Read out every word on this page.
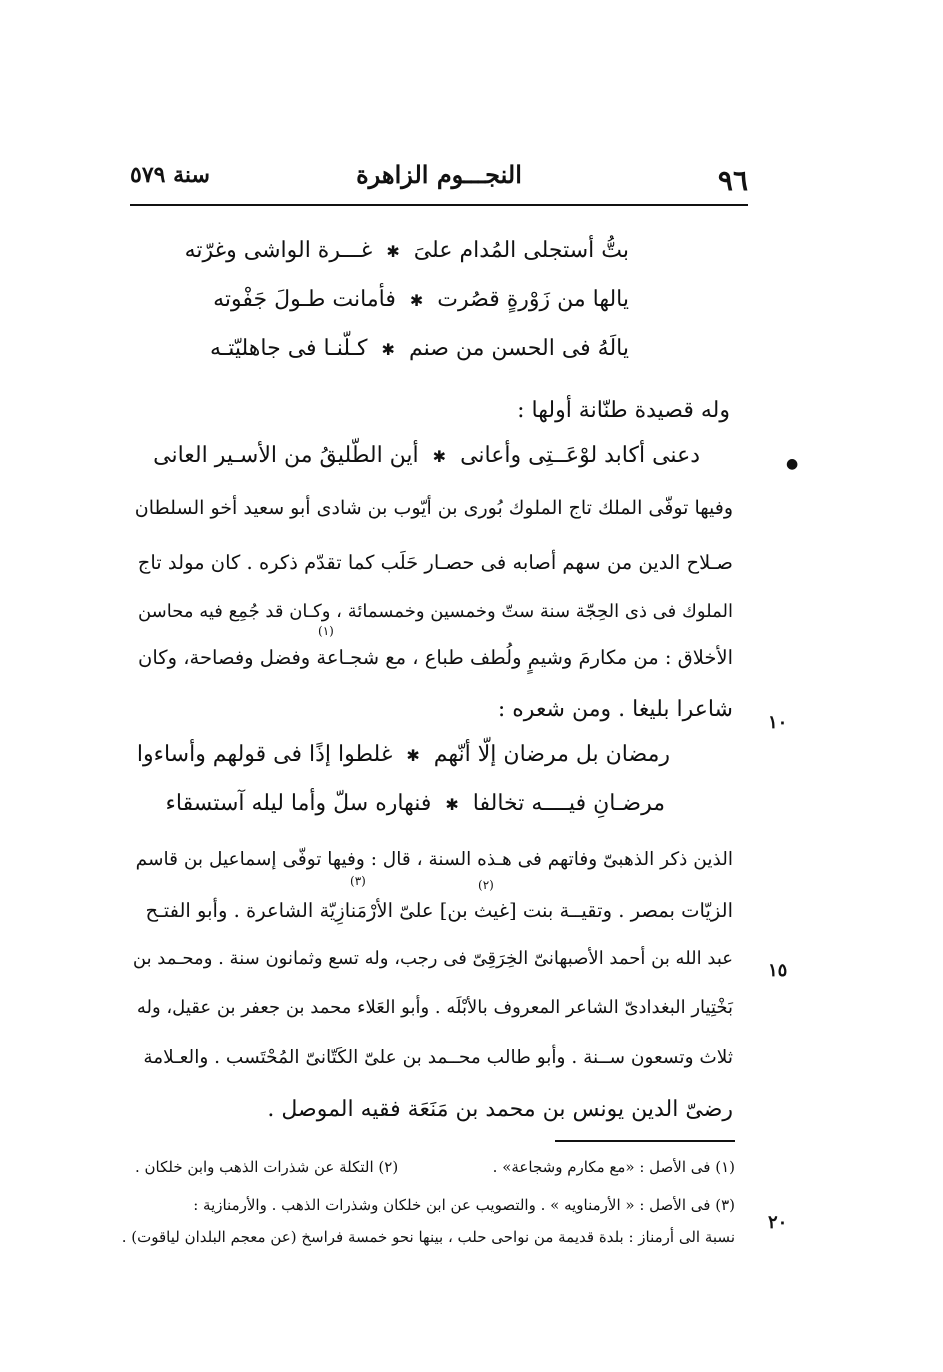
٩٦
النجـــوم الزاهرة
سنة ٥٧٩
بتُّ أستجلى المُدام علىَ✱غـــرة الواشى وغرّته
يالها من زَوْرةٍ قصُرت✱فأمانت طـولَ جَفْوته
يالَهُ فى الحسن من صنم✱كـلّنـا فى جاهليّتـه
وله قصيدة طنّانة أولها :
●
دعنى أكابد لوْعَــتِى وأعانى✱أين الطّليقُ من الأسـير العانى
وفيها توفّى الملك تاج الملوك بُورى بن أيّوب بن شادى أبو سعيد أخو السلطان
صـلاح الدين من سهم أصابه فى حصـار حَلَب كما تقدّم ذكره . كان مولد تاج
الملوك فى ذى الحِجّة سنة ستّ وخمسين وخمسمائة ، وكـان قد جُمِع فيه محاسن
(١)
الأخلاق : من مكارمَ وشيمٍ ولُطف طباع ، مع شجـاعة وفضل وفصاحة، وكان
شاعرا بليغا . ومن شعره :
١٠
رمضان بل مرضان إلّا أنّهم✱غلطوا إذًا فى قولهم وأساءوا
مرضـانِ فيــــه تخالفا✱فنهاره سلّ وأما ليله آستسقاء
الذين ذكر الذهبىّ وفاتهم فى هـذه السنة ، قال : وفيها توفّى إسماعيل بن قاسم
(٢)
(٣)
الزيّات بمصر . وتقيــة بنت [غيث بن] علىّ الأرْمَنازِيّة الشاعرة . وأبو الفتـح
عبد الله بن أحمد الأصبهانىّ الخِرَقِىّ فى رجب، وله تسع وثمانون سنة . ومحـمد بن
١٥
بَخْتِيار البغدادىّ الشاعر المعروف بالأبْلَه . وأبو العَلاء محمد بن جعفر بن عقيل، وله
ثلاث وتسعون ســنة . وأبو طالب محــمد بن علىّ الكَتّانىّ المُحْتَسب . والعـلامة
رضىّ الدين يونس بن محمد بن مَنَعَة فقيه الموصل .
(١) فى الأصل : «مع مكارم وشجاعة» .
(٢) التكلة عن شذرات الذهب وابن خلكان .
(٣) فى الأصل : « الأرمناويه » . والتصويب عن ابن خلكان وشذرات الذهب . والأرمنازية :
٢٠
نسبة الى أرمناز : بلدة قديمة من نواحى حلب ، بينها نحو خمسة فراسخ (عن معجم البلدان لياقوت) .
